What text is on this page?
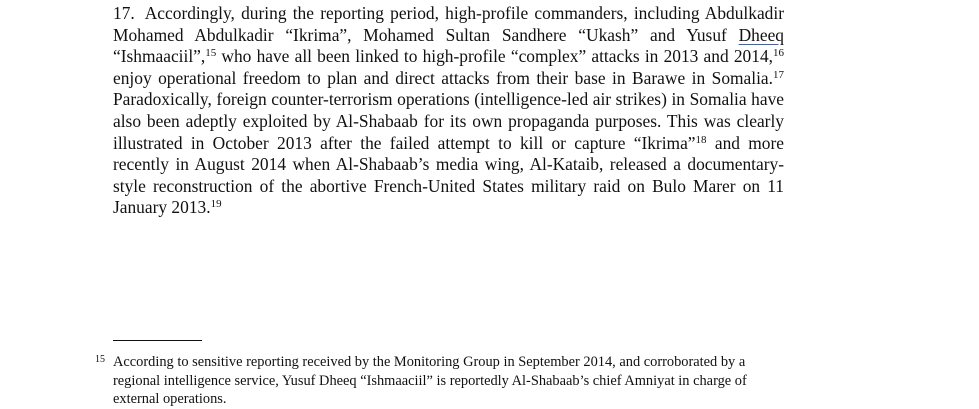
17. Accordingly, during the reporting period, high-profile commanders, including Abdulkadir Mohamed Abdulkadir “Ikrima”, Mohamed Sultan Sandhere “Ukash” and Yusuf Dheeq “Ishmaaciil”,$^{15}$ who have all been linked to high-profile “complex” attacks in 2013 and 2014,16 enjoy operational freedom to plan and direct attacks from their base in Barawe in Somalia.$^{17}$ Paradoxically, foreign counter-terrorism operations (intelligence-led air strikes) in Somalia have also been adeptly exploited by Al-Shabaab for its own propaganda purposes. This was clearly illustrated in October 2013 after the failed attempt to kill or capture “Ikrima”$^{18}$ and more recently in August 2014 when Al-Shabaab’s media wing, Al-Kataib, released a documentary-style reconstruction of the abortive French-United States military raid on Bulo Marer on 11 January 2013.19

15 According to sensitive reporting received by the Monitoring Group in September 2014, and corroborated by a regional intelligence service, Yusuf Dheeq “Ishmaaciil” is reportedly Al-Shabaab’s chief Amniyat in charge of external operations.
